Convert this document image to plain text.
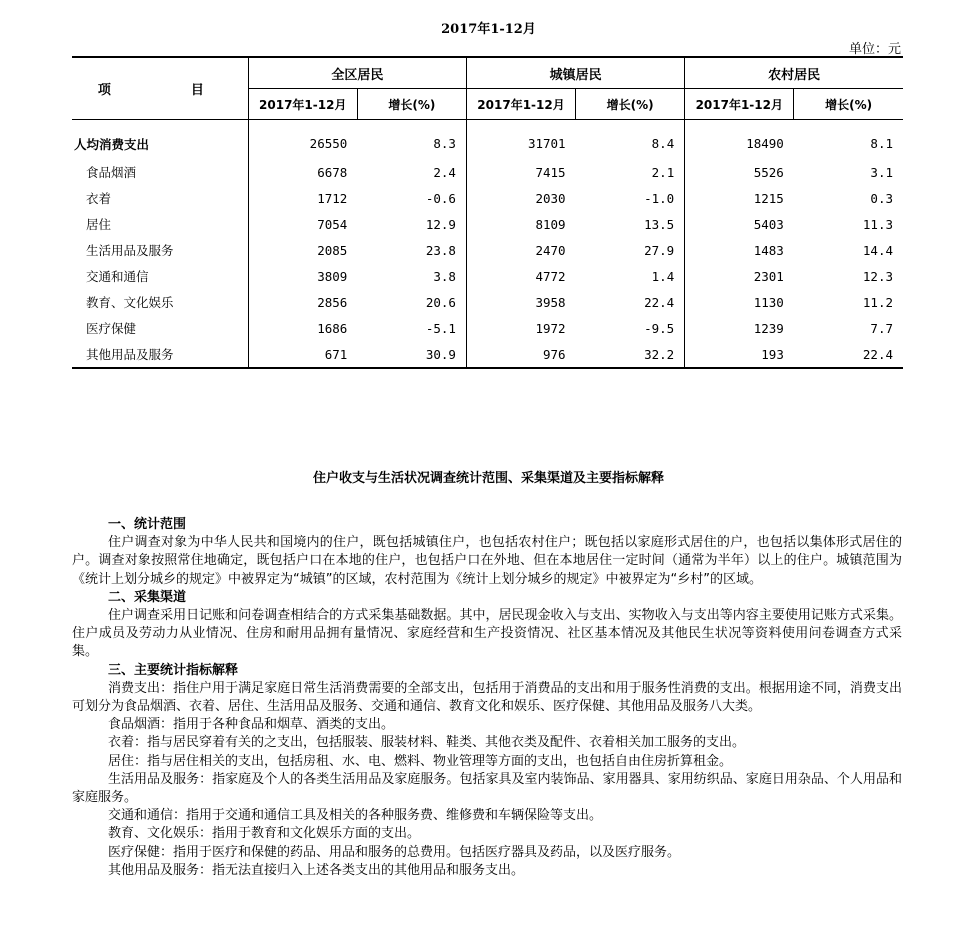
2017年1-12月
单位：元
项　　目	全区居民		城镇居民		农村居民	
	2017年1-12月	增长(%)	2017年1-12月	增长(%)	2017年1-12月	增长(%)
人均消费支出	26550	8.3	31701	8.4	18490	8.1
食品烟酒	6678	2.4	7415	2.1	5526	3.1
衣着	1712	-0.6	2030	-1.0	1215	0.3
居住	7054	12.9	8109	13.5	5403	11.3
生活用品及服务	2085	23.8	2470	27.9	1483	14.4
交通和通信	3809	3.8	4772	1.4	2301	12.3
教育、文化娱乐	2856	20.6	3958	22.4	1130	11.2
医疗保健	1686	-5.1	1972	-9.5	1239	7.7
其他用品及服务	671	30.9	976	32.2	193	22.4
住户收支与生活状况调查统计范围、采集渠道及主要指标解释
一、统计范围

住户调查对象为中华人民共和国境内的住户，既包括城镇住户，也包括农村住户；既包括以家庭形式居住的户，也包括以集体形式居住的户。调查对象按照常住地确定，既包括户口在本地的住户，也包括户口在外地、但在本地居住一定时间（通常为半年）以上的住户。城镇范围为《统计上划分城乡的规定》中被界定为“城镇”的区域，农村范围为《统计上划分城乡的规定》中被界定为“乡村”的区域。

二、采集渠道

住户调查采用日记账和问卷调查相结合的方式采集基础数据。其中，居民现金收入与支出、实物收入与支出等内容主要使用记账方式采集。住户成员及劳动力从业情况、住房和耐用品拥有量情况、家庭经营和生产投资情况、社区基本情况及其他民生状况等资料使用问卷调查方式采集。

三、主要统计指标解释

消费支出：指住户用于满足家庭日常生活消费需要的全部支出，包括用于消费品的支出和用于服务性消费的支出。根据用途不同，消费支出可划分为食品烟酒、衣着、居住、生活用品及服务、交通和通信、教育文化和娱乐、医疗保健、其他用品及服务八大类。

食品烟酒：指用于各种食品和烟草、酒类的支出。

衣着：指与居民穿着有关的之支出，包括服装、服装材料、鞋类、其他衣类及配件、衣着相关加工服务的支出。

居住：指与居住相关的支出，包括房租、水、电、燃料、物业管理等方面的支出，也包括自由住房折算租金。

生活用品及服务：指家庭及个人的各类生活用品及家庭服务。包括家具及室内装饰品、家用器具、家用纺织品、家庭日用杂品、个人用品和家庭服务。

交通和通信：指用于交通和通信工具及相关的各种服务费、维修费和车辆保险等支出。

教育、文化娱乐：指用于教育和文化娱乐方面的支出。

医疗保健：指用于医疗和保健的药品、用品和服务的总费用。包括医疗器具及药品，以及医疗服务。

其他用品及服务：指无法直接归入上述各类支出的其他用品和服务支出。
